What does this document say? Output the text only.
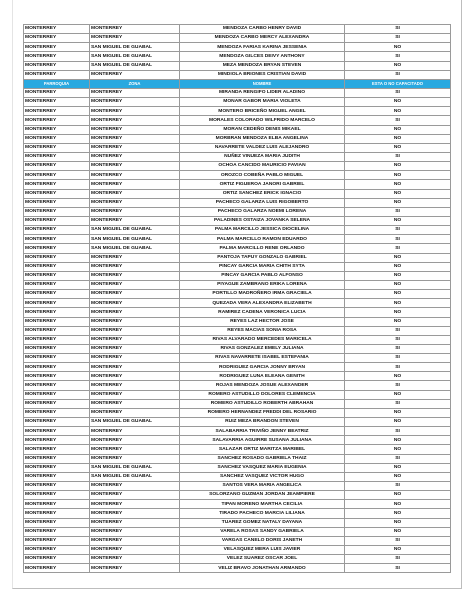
MONTERREY	MONTERREY	MENDOZA CARBO HENRY DAVID	SI
MONTERREY	MONTERREY	MENDOZA CARBO MERCY ALEXANDRA	SI
MONTERREY	SAN MIGUEL DE GUABAL	MENDOZA FARIAS KARINA JESSENIA	NO
MONTERREY	SAN MIGUEL DE GUABAL	MENDOZA GILCES DEIVY ANTHONY	SI
MONTERREY	SAN MIGUEL DE GUABAL	MEZA MENDOZA BRYAN STEVEN	NO
MONTERREY	MONTERREY	MINDIOLA BRIONES CRISTIAN DAVID	SI
PARROQUIA	ZONA	NOMBRE	ESTA O NO CAPACITADO
MONTERREY	MONTERREY	MIRANDA RENGIFO LIDER ALADINO	SI
MONTERREY	MONTERREY	MONAR GABOR MARIA VIOLETA	NO
MONTERREY	MONTERREY	MONTERO BRICEÑO MIGUEL ANGEL	NO
MONTERREY	MONTERREY	MORALES COLORADO WILFRIDO MARCELO	SI
MONTERREY	MONTERREY	MORAN CEDEÑO DENIS MIKAEL	NO
MONTERREY	MONTERREY	MORBRAN MENDOZA ELBA ANGELINA	NO
MONTERREY	MONTERREY	NAVARRETE VALDEZ LUIS ALEJANDRO	NO
MONTERREY	MONTERREY	NUÑEZ VINUEZA MARIA JUDITH	SI
MONTERREY	MONTERREY	OCHOA CANCIDO MAURICIO FAVIAN	NO
MONTERREY	MONTERREY	OROZCO COBEÑA PABLO MIGUEL	NO
MONTERREY	MONTERREY	ORTIZ FIGUEROA JANORI GABRIEL	NO
MONTERREY	MONTERREY	ORTIZ SANCHEZ ERICK IGNACIO	NO
MONTERREY	MONTERREY	PACHECO GALARZA LUIS RIGOBERTO	NO
MONTERREY	MONTERREY	PACHECO GALARZA NOEMI LORENA	SI
MONTERREY	MONTERREY	PALADINES OSTAIZA JOVANKA SELENA	NO
MONTERREY	SAN MIGUEL DE GUABAL	PALMA MARCILLO JESSICA DIOCELINA	SI
MONTERREY	SAN MIGUEL DE GUABAL	PALMA MARCILLO RAMON EDUARDO	SI
MONTERREY	SAN MIGUEL DE GUABAL	PALMA MARCILLO RENE ORLANDO	SI
MONTERREY	MONTERREY	PANTOJA TAPUY GONZALO GABRIEL	NO
MONTERREY	MONTERREY	PINCAY GARCIA MARIA CHITH SYTA	NO
MONTERREY	MONTERREY	PINCAY GARCIA PABLO ALFONSO	NO
MONTERREY	MONTERREY	PIYAGUE ZAMBRANO ERIKA LORENA	NO
MONTERREY	MONTERREY	PORTILLO MADROÑERO IRMA GRACIELA	NO
MONTERREY	MONTERREY	QUEZADA VERA ALEXANDRA ELIZABETH	NO
MONTERREY	MONTERREY	RAMIREZ CADENA VERONICA LUCIA	NO
MONTERREY	MONTERREY	REYES LAZ HECTOR JOSE	NO
MONTERREY	MONTERREY	REYES MACIAS SONIA ROSA	SI
MONTERREY	MONTERREY	RIVAS ALVARADO MERCEDES MARICELA	SI
MONTERREY	MONTERREY	RIVAS GONZALEZ EMELY JULIANA	SI
MONTERREY	MONTERREY	RIVAS NAVARRETE ISABEL ESTEFANIA	SI
MONTERREY	MONTERREY	RODRIGUEZ GARCIA JONNY BRYAN	SI
MONTERREY	MONTERREY	RODRIGUEZ LUNA ELEANA GENITH	NO
MONTERREY	MONTERREY	ROJAS MENDOZA JOSUE ALEXANDER	SI
MONTERREY	MONTERREY	ROMERO ASTUDILLO DOLORES CLEMENCIA	NO
MONTERREY	MONTERREY	ROMERO ASTUDILLO ROBERTH ABRAHAN	SI
MONTERREY	MONTERREY	ROMERO HERNANDEZ FREDDI DEL ROSARIO	NO
MONTERREY	SAN MIGUEL DE GUABAL	RUIZ MEZA BRANDON STEVEN	NO
MONTERREY	MONTERREY	SALABARRIA TRIVIÑO JENNY BEATRIZ	SI
MONTERREY	MONTERREY	SALAVARRIA AGUIRRE SUSANA JULIANA	NO
MONTERREY	MONTERREY	SALAZAR ORTIZ MARITZA MARIBEL	NO
MONTERREY	MONTERREY	SANCHEZ ROSADO GABRIELA THAIZ	SI
MONTERREY	SAN MIGUEL DE GUABAL	SANCHEZ VASQUEZ MARIA EUGENIA	NO
MONTERREY	SAN MIGUEL DE GUABAL	SANCHEZ VASQUEZ VICTOR HUGO	NO
MONTERREY	MONTERREY	SANTOS VERA MARIA ANGELICA	SI
MONTERREY	MONTERREY	SOLORZANO GUZMAN JORDAN JEAMPIERE	NO
MONTERREY	MONTERREY	TIPAN MORENO MARTHA CECILIA	NO
MONTERREY	MONTERREY	TIRADO PACHECO MARCIA LILIANA	NO
MONTERREY	MONTERREY	TUAREZ GOMEZ NATALY DAYANA	NO
MONTERREY	MONTERREY	VARELA ROSAS SANDY GABRIELA	NO
MONTERREY	MONTERREY	VARGAS CANELO DORIS JANETH	SI
MONTERREY	MONTERREY	VELASQUEZ MERA LUIS JAVIER	NO
MONTERREY	MONTERREY	VELEZ SUAREZ OSCAR JOEL	SI
MONTERREY	MONTERREY	VELIZ BRAVO JONATHAN ARMANDO	SI
